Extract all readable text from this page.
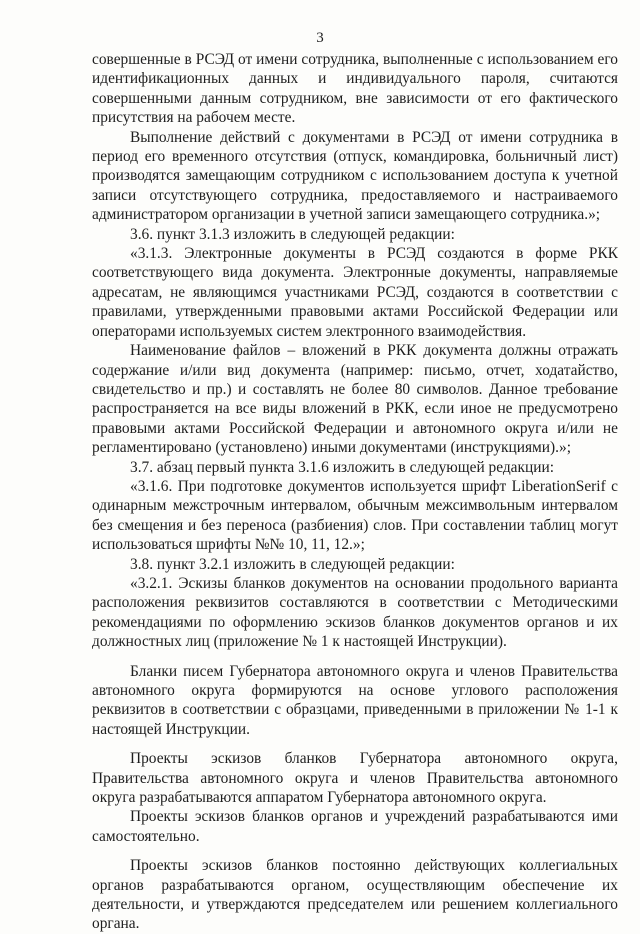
3

совершенные в РСЭД от имени сотрудника, выполненные с использованием его идентификационных данных и индивидуального пароля, считаются совершенными данным сотрудником, вне зависимости от его фактического присутствия на рабочем месте.

Выполнение действий с документами в РСЭД от имени сотрудника в период его временного отсутствия (отпуск, командировка, больничный лист) производятся замещающим сотрудником с использованием доступа к учетной записи отсутствующего сотрудника, предоставляемого и настраиваемого администратором организации в учетной записи замещающего сотрудника.»;

3.6. пункт 3.1.3 изложить в следующей редакции:

«3.1.3. Электронные документы в РСЭД создаются в форме РКК соответствующего вида документа. Электронные документы, направляемые адресатам, не являющимся участниками РСЭД, создаются в соответствии с правилами, утвержденными правовыми актами Российской Федерации или операторами используемых систем электронного взаимодействия.

Наименование файлов – вложений в РКК документа должны отражать содержание и/или вид документа (например: письмо, отчет, ходатайство, свидетельство и пр.) и составлять не более 80 символов. Данное требование распространяется на все виды вложений в РКК, если иное не предусмотрено правовыми актами Российской Федерации и автономного округа и/или не регламентировано (установлено) иными документами (инструкциями).»;

3.7. абзац первый пункта 3.1.6 изложить в следующей редакции:

«3.1.6. При подготовке документов используется шрифт LiberationSerif с одинарным межстрочным интервалом, обычным межсимвольным интервалом без смещения и без переноса (разбиения) слов. При составлении таблиц могут использоваться шрифты №№ 10, 11, 12.»;

3.8. пункт 3.2.1 изложить в следующей редакции:

«3.2.1. Эскизы бланков документов на основании продольного варианта расположения реквизитов составляются в соответствии с Методическими рекомендациями по оформлению эскизов бланков документов органов и их должностных лиц (приложение № 1 к настоящей Инструкции).

Бланки писем Губернатора автономного округа и членов Правительства автономного округа формируются на основе углового расположения реквизитов в соответствии с образцами, приведенными в приложении № 1-1 к настоящей Инструкции.

Проекты эскизов бланков Губернатора автономного округа, Правительства автономного округа и членов Правительства автономного округа разрабатываются аппаратом Губернатора автономного округа.

Проекты эскизов бланков органов и учреждений разрабатываются ими самостоятельно.

Проекты эскизов бланков постоянно действующих коллегиальных органов разрабатываются органом, осуществляющим обеспечение их деятельности, и утверждаются председателем или решением коллегиального органа.
